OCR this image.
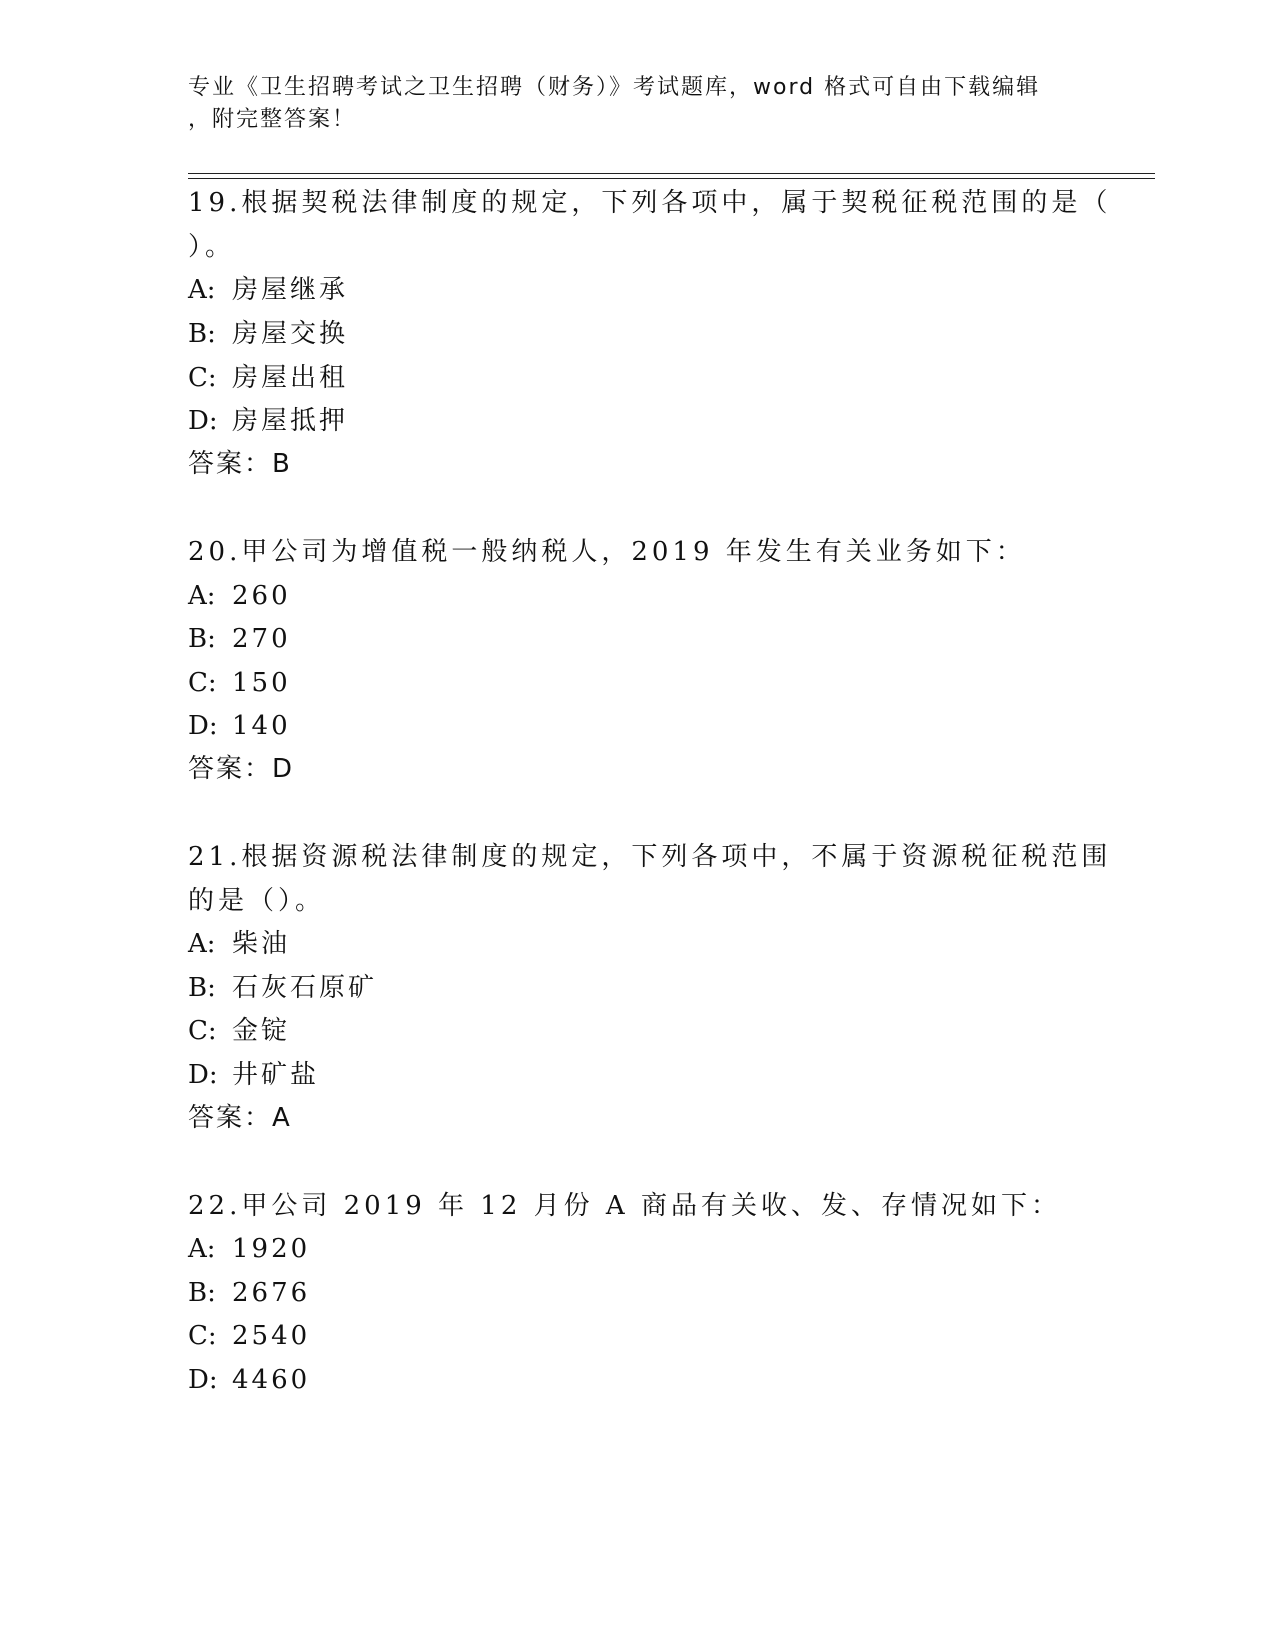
专业《卫生招聘考试之卫生招聘（财务）》考试题库，word 格式可自由下载编辑
，附完整答案！
19.根据契税法律制度的规定，下列各项中，属于契税征税范围的是（
）。
A: 房屋继承
B: 房屋交换
C: 房屋出租
D: 房屋抵押
答案：B
20.甲公司为增值税一般纳税人，2019 年发生有关业务如下：
A: 260
B: 270
C: 150
D: 140
答案：D
21.根据资源税法律制度的规定，下列各项中，不属于资源税征税范围
的是（）。
A: 柴油
B: 石灰石原矿
C: 金锭
D: 井矿盐
答案：A
22.甲公司 2019 年 12 月份 A 商品有关收、发、存情况如下：
A: 1920
B: 2676
C: 2540
D: 4460
